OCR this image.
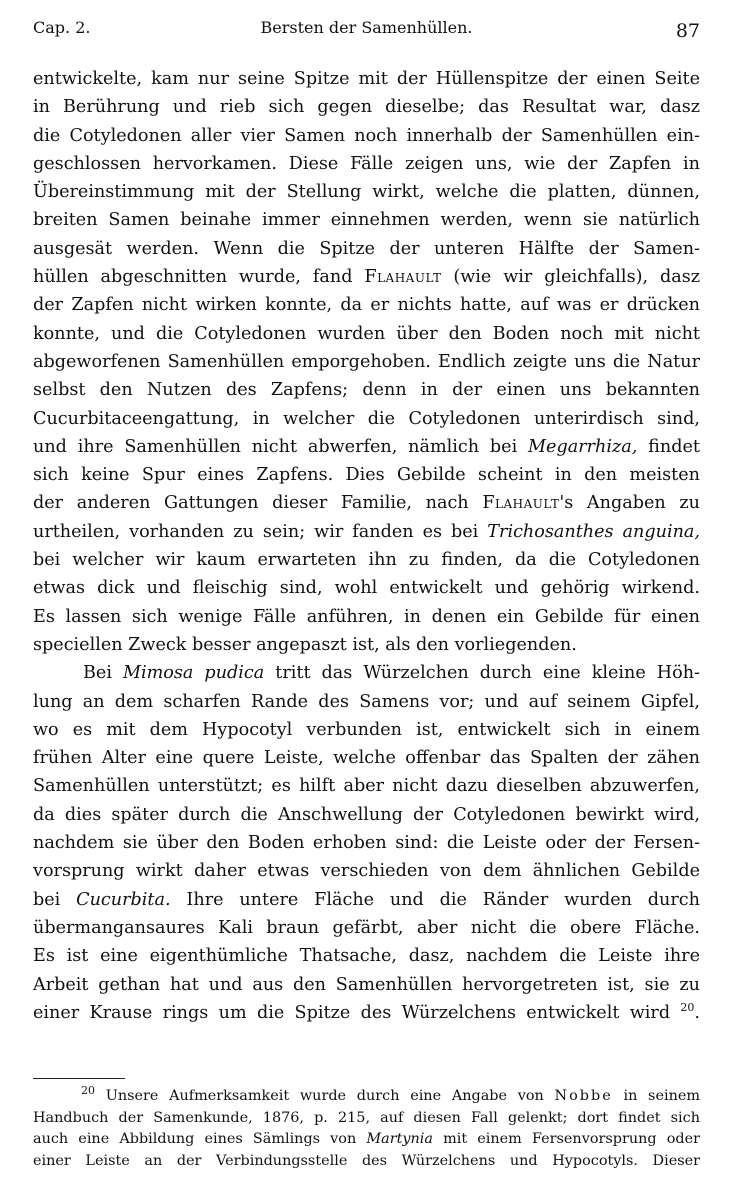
Cap. 2.	Bersten der Samenhüllen.	87
entwickelte, kam nur seine Spitze mit der Hüllenspitze der einen Seite
in Berührung und rieb sich gegen dieselbe; das Resultat war, dasz
die Cotyledonen aller vier Samen noch innerhalb der Samenhüllen ein-
geschlossen hervorkamen. Diese Fälle zeigen uns, wie der Zapfen in
Übereinstimmung mit der Stellung wirkt, welche die platten, dünnen,
breiten Samen beinahe immer einnehmen werden, wenn sie natürlich
ausgesät werden. Wenn die Spitze der unteren Hälfte der Samen-
hüllen abgeschnitten wurde, fand Flahault (wie wir gleichfalls), dasz
der Zapfen nicht wirken konnte, da er nichts hatte, auf was er drücken
konnte, und die Cotyledonen wurden über den Boden noch mit nicht
abgeworfenen Samenhüllen emporgehoben. Endlich zeigte uns die Natur
selbst den Nutzen des Zapfens; denn in der einen uns bekannten
Cucurbitaceengattung, in welcher die Cotyledonen unterirdisch sind,
und ihre Samenhüllen nicht abwerfen, nämlich bei Megarrhiza, findet
sich keine Spur eines Zapfens. Dies Gebilde scheint in den meisten
der anderen Gattungen dieser Familie, nach Flahault's Angaben zu
urtheilen, vorhanden zu sein; wir fanden es bei Trichosanthes anguina,
bei welcher wir kaum erwarteten ihn zu finden, da die Cotyledonen
etwas dick und fleischig sind, wohl entwickelt und gehörig wirkend.
Es lassen sich wenige Fälle anführen, in denen ein Gebilde für einen
speciellen Zweck besser angepaszt ist, als den vorliegenden.
Bei Mimosa pudica tritt das Würzelchen durch eine kleine Höh-
lung an dem scharfen Rande des Samens vor; und auf seinem Gipfel,
wo es mit dem Hypocotyl verbunden ist, entwickelt sich in einem
frühen Alter eine quere Leiste, welche offenbar das Spalten der zähen
Samenhüllen unterstützt; es hilft aber nicht dazu dieselben abzuwerfen,
da dies später durch die Anschwellung der Cotyledonen bewirkt wird,
nachdem sie über den Boden erhoben sind: die Leiste oder der Fersen-
vorsprung wirkt daher etwas verschieden von dem ähnlichen Gebilde
bei Cucurbita. Ihre untere Fläche und die Ränder wurden durch
übermangansaures Kali braun gefärbt, aber nicht die obere Fläche.
Es ist eine eigenthümliche Thatsache, dasz, nachdem die Leiste ihre
Arbeit gethan hat und aus den Samenhüllen hervorgetreten ist, sie zu
einer Krause rings um die Spitze des Würzelchens entwickelt wird $^{20}$.
$^{20}$ Unsere Aufmerksamkeit wurde durch eine Angabe von Nobbe in seinem
Handbuch der Samenkunde, 1876, p. 215, auf diesen Fall gelenkt; dort findet sich
auch eine Abbildung eines Sämlings von Martynia mit einem Fersenvorsprung oder
einer Leiste an der Verbindungsstelle des Würzelchens und Hypocotyls. Dieser
